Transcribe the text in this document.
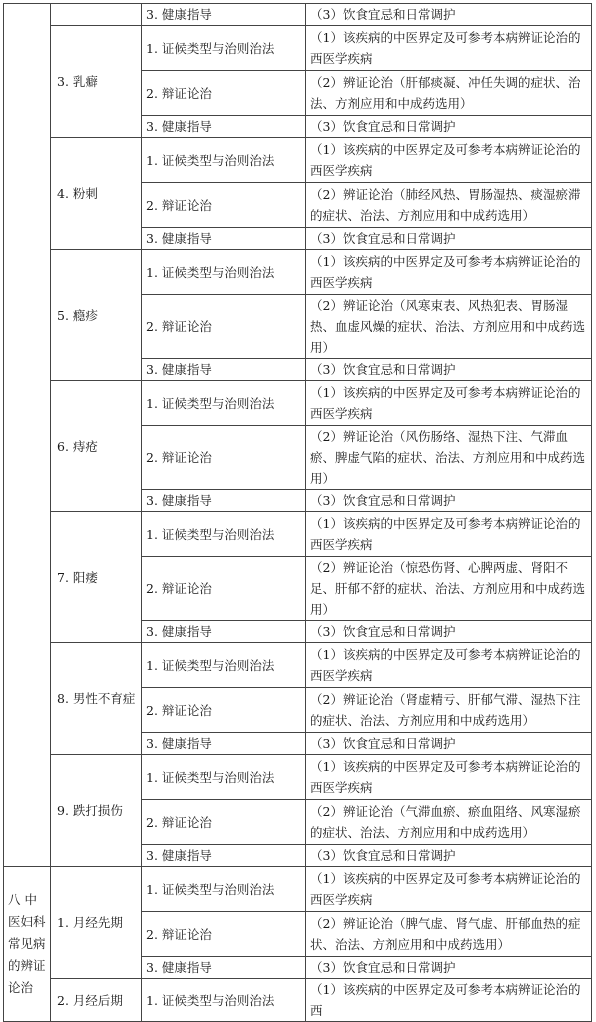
		3. 健康指导	（3）饮食宜忌和日常调护
	3. 乳癖	1. 证候类型与治则治法	（1）该疾病的中医界定及可参考本病辨证论治的西医学疾病
		2. 辩证论治	（2）辨证论治（肝郁痰凝、冲任失调的症状、治法、方剂应用和中成药选用）
		3. 健康指导	（3）饮食宜忌和日常调护
	4. 粉刺	1. 证候类型与治则治法	（1）该疾病的中医界定及可参考本病辨证论治的西医学疾病
		2. 辩证论治	（2）辨证论治（肺经风热、胃肠湿热、痰湿瘀滞的症状、治法、方剂应用和中成药选用）
		3. 健康指导	（3）饮食宜忌和日常调护
	5. 瘾疹	1. 证候类型与治则治法	（1）该疾病的中医界定及可参考本病辨证论治的西医学疾病
		2. 辩证论治	（2）辨证论治（风寒束表、风热犯表、胃肠湿热、血虚风燥的症状、治法、方剂应用和中成药选用）
		3. 健康指导	（3）饮食宜忌和日常调护
	6. 痔疮	1. 证候类型与治则治法	（1）该疾病的中医界定及可参考本病辨证论治的西医学疾病
		2. 辩证论治	（2）辨证论治（风伤肠络、湿热下注、气滞血瘀、脾虚气陷的症状、治法、方剂应用和中成药选用）
		3. 健康指导	（3）饮食宜忌和日常调护
	7. 阳痿	1. 证候类型与治则治法	（1）该疾病的中医界定及可参考本病辨证论治的西医学疾病
		2. 辩证论治	（2）辨证论治（惊恐伤肾、心脾两虚、肾阳不足、肝郁不舒的症状、治法、方剂应用和中成药选用）
		3. 健康指导	（3）饮食宜忌和日常调护
	8. 男性不育症	1. 证候类型与治则治法	（1）该疾病的中医界定及可参考本病辨证论治的西医学疾病
		2. 辩证论治	（2）辨证论治（肾虚精亏、肝郁气滞、湿热下注的症状、治法、方剂应用和中成药选用）
		3. 健康指导	（3）饮食宜忌和日常调护
	9. 跌打损伤	1. 证候类型与治则治法	（1）该疾病的中医界定及可参考本病辨证论治的西医学疾病
		2. 辩证论治	（2）辨证论治（气滞血瘀、瘀血阻络、风寒湿瘀的症状、治法、方剂应用和中成药选用）
		3. 健康指导	（3）饮食宜忌和日常调护
八 中医妇科常见病的辨证论治	1. 月经先期	1. 证候类型与治则治法	（1）该疾病的中医界定及可参考本病辨证论治的西医学疾病
		2. 辩证论治	（2）辨证论治（脾气虚、肾气虚、肝郁血热的症状、治法、方剂应用和中成药选用）
		3. 健康指导	（3）饮食宜忌和日常调护
	2. 月经后期	1. 证候类型与治则治法	（1）该疾病的中医界定及可参考本病辨证论治的西
